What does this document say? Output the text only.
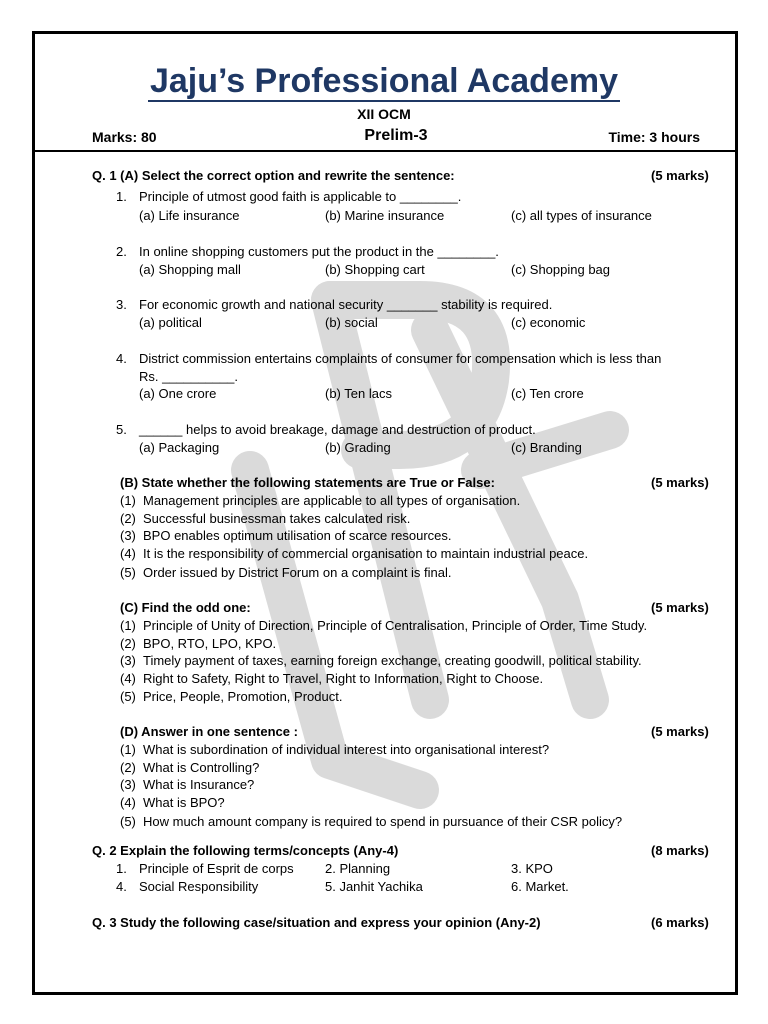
Jaju’s Professional Academy
XII OCM
Marks: 80	Prelim-3	Time: 3 hours
Q. 1 (A) Select the correct option and rewrite the sentence:	(5 marks)
1. Principle of utmost good faith is applicable to ________.
(a) Life insurance	(b) Marine insurance	(c) all types of insurance
2. In online shopping customers put the product in the ________.
(a) Shopping mall	(b) Shopping cart	(c) Shopping bag
3. For economic growth and national security _______ stability is required.
(a) political	(b) social	(c) economic
4. District commission entertains complaints of consumer for compensation which is less than
Rs. __________.
(a) One crore	(b) Ten lacs	(c) Ten crore
5. ______ helps to avoid breakage, damage and destruction of product.
(a) Packaging	(b) Grading	(c) Branding
(B) State whether the following statements are True or False:	(5 marks)
(1) Management principles are applicable to all types of organisation.
(2) Successful businessman takes calculated risk.
(3) BPO enables optimum utilisation of scarce resources.
(4) It is the responsibility of commercial organisation to maintain industrial peace.
(5) Order issued by District Forum on a complaint is final.
(C) Find the odd one:	(5 marks)
(1) Principle of Unity of Direction, Principle of Centralisation, Principle of Order, Time Study.
(2) BPO, RTO, LPO, KPO.
(3) Timely payment of taxes, earning foreign exchange, creating goodwill, political stability.
(4) Right to Safety, Right to Travel, Right to Information, Right to Choose.
(5) Price, People, Promotion, Product.
(D) Answer in one sentence :	(5 marks)
(1) What is subordination of individual interest into organisational interest?
(2) What is Controlling?
(3) What is Insurance?
(4) What is BPO?
(5) How much amount company is required to spend in pursuance of their CSR policy?
Q. 2 Explain the following terms/concepts (Any-4)	(8 marks)
1. Principle of Esprit de corps 2. Planning	3. KPO
4. Social Responsibility	5. Janhit Yachika	6. Market.
Q. 3 Study the following case/situation and express your opinion (Any-2)	(6 marks)
